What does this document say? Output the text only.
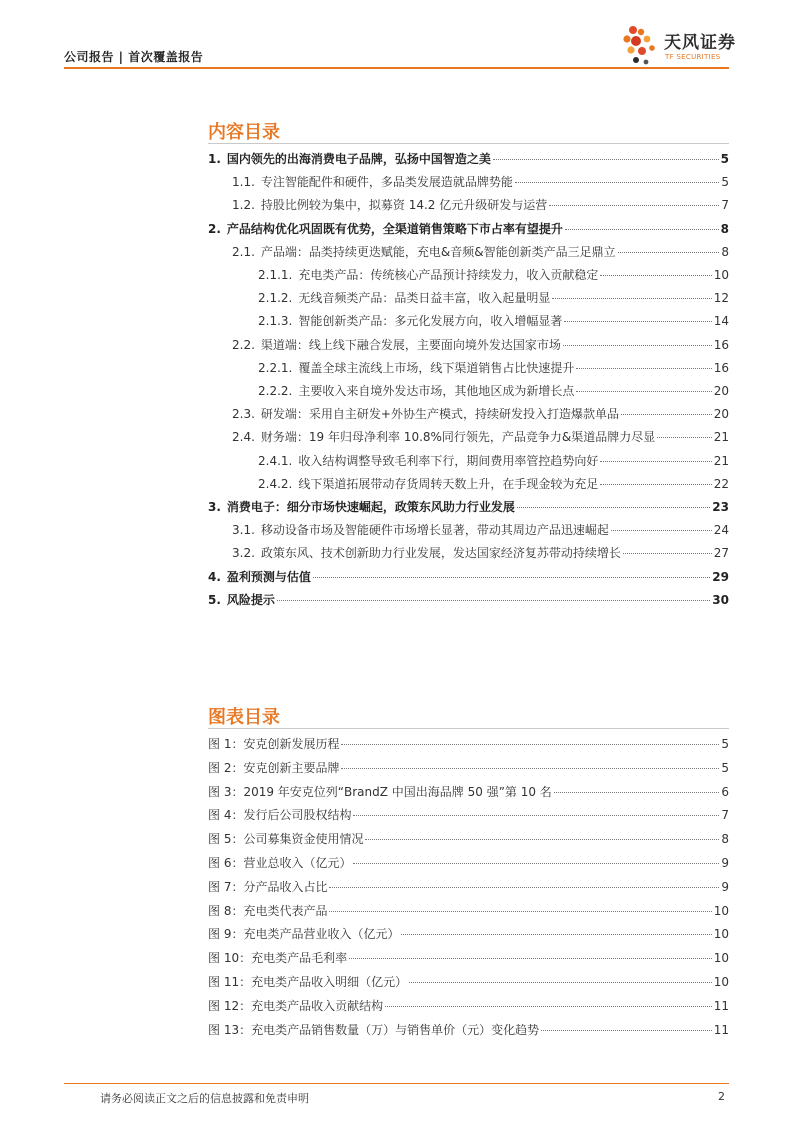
公司报告 | 首次覆盖报告
天风证券
TF SECURITIES
内容目录
1. 国内领先的出海消费电子品牌，弘扬中国智造之美	5
1.1. 专注智能配件和硬件，多品类发展造就品牌势能	5
1.2. 持股比例较为集中，拟募资 14.2 亿元升级研发与运营	7
2. 产品结构优化巩固既有优势，全渠道销售策略下市占率有望提升	8
2.1. 产品端：品类持续更迭赋能，充电&音频&智能创新类产品三足鼎立	8
2.1.1. 充电类产品：传统核心产品预计持续发力，收入贡献稳定	10
2.1.2. 无线音频类产品：品类日益丰富，收入起量明显	12
2.1.3. 智能创新类产品：多元化发展方向，收入增幅显著	14
2.2. 渠道端：线上线下融合发展，主要面向境外发达国家市场	16
2.2.1. 覆盖全球主流线上市场，线下渠道销售占比快速提升	16
2.2.2. 主要收入来自境外发达市场，其他地区成为新增长点	20
2.3. 研发端：采用自主研发+外协生产模式，持续研发投入打造爆款单品	20
2.4. 财务端：19 年归母净利率 10.8%同行领先，产品竞争力&渠道品牌力尽显	21
2.4.1. 收入结构调整导致毛利率下行，期间费用率管控趋势向好	21
2.4.2. 线下渠道拓展带动存货周转天数上升，在手现金较为充足	22
3. 消费电子：细分市场快速崛起，政策东风助力行业发展	23
3.1. 移动设备市场及智能硬件市场增长显著，带动其周边产品迅速崛起	24
3.2. 政策东风、技术创新助力行业发展，发达国家经济复苏带动持续增长	27
4. 盈利预测与估值	29
5. 风险提示	30
图表目录
图 1：安克创新发展历程	5
图 2：安克创新主要品牌	5
图 3：2019 年安克位列“BrandZ 中国出海品牌 50 强”第 10 名	6
图 4：发行后公司股权结构	7
图 5：公司募集资金使用情况	8
图 6：营业总收入（亿元）	9
图 7：分产品收入占比	9
图 8：充电类代表产品	10
图 9：充电类产品营业收入（亿元）	10
图 10：充电类产品毛利率	10
图 11：充电类产品收入明细（亿元）	10
图 12：充电类产品收入贡献结构	11
图 13：充电类产品销售数量（万）与销售单价（元）变化趋势	11
请务必阅读正文之后的信息披露和免责申明	2
